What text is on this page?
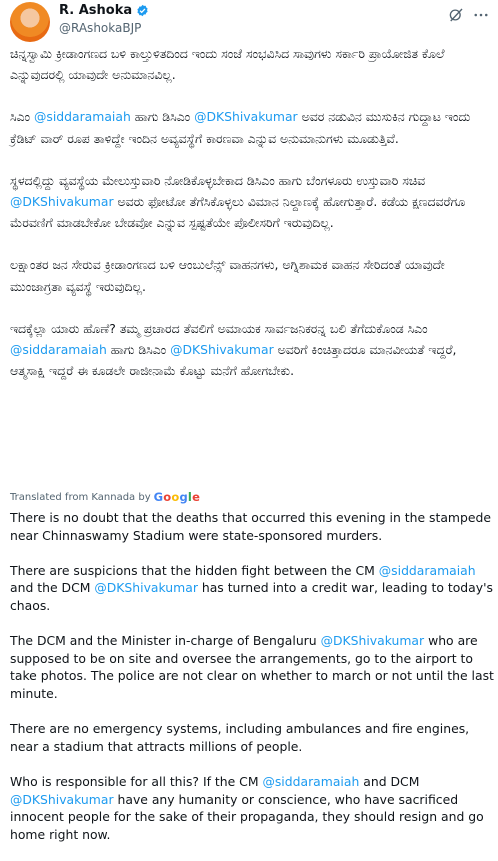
R. Ashoka
@RAshokaBJP

ಚಿನ್ನಸ್ವಾಮಿ ಕ್ರೀಡಾಂಗಣದ ಬಳಿ ಕಾಲ್ತುಳಿತದಿಂದ ಇಂದು ಸಂಜೆ ಸಂಭವಿಸಿದ ಸಾವುಗಳು ಸರ್ಕಾರಿ ಪ್ರಾಯೋಜಿತ ಕೊಲೆ ಎನ್ನುವುದರಲ್ಲಿ ಯಾವುದೇ ಅನುಮಾನವಿಲ್ಲ.

ಸಿಎಂ @siddaramaiah ಹಾಗು ಡಿಸಿಎಂ @DKShivakumar ಅವರ ನಡುವಿನ ಮುಸುಕಿನ ಗುದ್ದಾಟ ಇಂದು ಕ್ರೆಡಿಟ್ ವಾರ್ ರೂಪ ತಾಳಿದ್ದೇ ಇಂದಿನ ಅವ್ಯವಸ್ಥೆಗೆ ಕಾರಣವಾ ಎನ್ನುವ ಅನುಮಾನುಗಳು ಮೂಡುತ್ತಿವೆ.

ಸ್ಥಳದಲ್ಲಿದ್ದು ವ್ಯವಸ್ಥೆಯ ಮೇಲುಸ್ತುವಾರಿ ನೋಡಿಕೊಳ್ಳಬೇಕಾದ ಡಿಸಿಎಂ ಹಾಗು ಬೆಂಗಳೂರು ಉಸ್ತುವಾರಿ ಸಚಿವ @DKShivakumar ಅವರು ಫೋಟೋ ತೆಗೆಸಿಕೊಳ್ಳಲು ವಿಮಾನ ನಿಲ್ದಾಣಕ್ಕೆ ಹೋಗುತ್ತಾರೆ. ಕಡೆಯ ಕ್ಷಣದವರೆಗೂ ಮೆರವಣಿಗೆ ಮಾಡಬೇಕೋ ಬೇಡವೋ ಎನ್ನುವ ಸ್ಪಷ್ಟತೆಯೇ ಪೊಲೀಸರಿಗೆ ಇರುವುದಿಲ್ಲ.

ಲಕ್ಷಾಂತರ ಜನ ಸೇರುವ ಕ್ರೀಡಾಂಗಣದ ಬಳಿ ಆಂಬುಲೆನ್ಸ್ ವಾಹನಗಳು, ಅಗ್ನಿಶಾಮಕ ವಾಹನ ಸೇರಿದಂತೆ ಯಾವುದೇ ಮುಂಜಾಗ್ರತಾ ವ್ಯವಸ್ಥೆ ಇರುವುದಿಲ್ಲ.

ಇದಕ್ಕೆಲ್ಲಾ ಯಾರು ಹೊಣೆ? ತಮ್ಮ ಪ್ರಚಾರದ ತೆವಲಿಗೆ ಅಮಾಯಕ ಸಾರ್ವಜನಿಕರನ್ನ ಬಲಿ ತೆಗೆದುಕೊಂಡ ಸಿಎಂ @siddaramaiah ಹಾಗು ಡಿಸಿಎಂ @DKShivakumar ಅವರಿಗೆ ಕಿಂಚಿತ್ತಾದರೂ ಮಾನವೀಯತೆ ಇದ್ದರೆ, ಆತ್ಮಸಾಕ್ಷಿ ಇದ್ದರೆ ಈ ಕೂಡಲೇ ರಾಜೀನಾಮೆ ಕೊಟ್ಟು ಮನೆಗೆ ಹೋಗಬೇಕು.

Translated from Kannada by Google

There is no doubt that the deaths that occurred this evening in the stampede near Chinnaswamy Stadium were state-sponsored murders.

There are suspicions that the hidden fight between the CM @siddaramaiah and the DCM @DKShivakumar has turned into a credit war, leading to today's chaos.

The DCM and the Minister in-charge of Bengaluru @DKShivakumar who are supposed to be on site and oversee the arrangements, go to the airport to take photos. The police are not clear on whether to march or not until the last minute.

There are no emergency systems, including ambulances and fire engines, near a stadium that attracts millions of people.

Who is responsible for all this? If the CM @siddaramaiah and DCM @DKShivakumar have any humanity or conscience, who have sacrificed innocent people for the sake of their propaganda, they should resign and go home right now.
